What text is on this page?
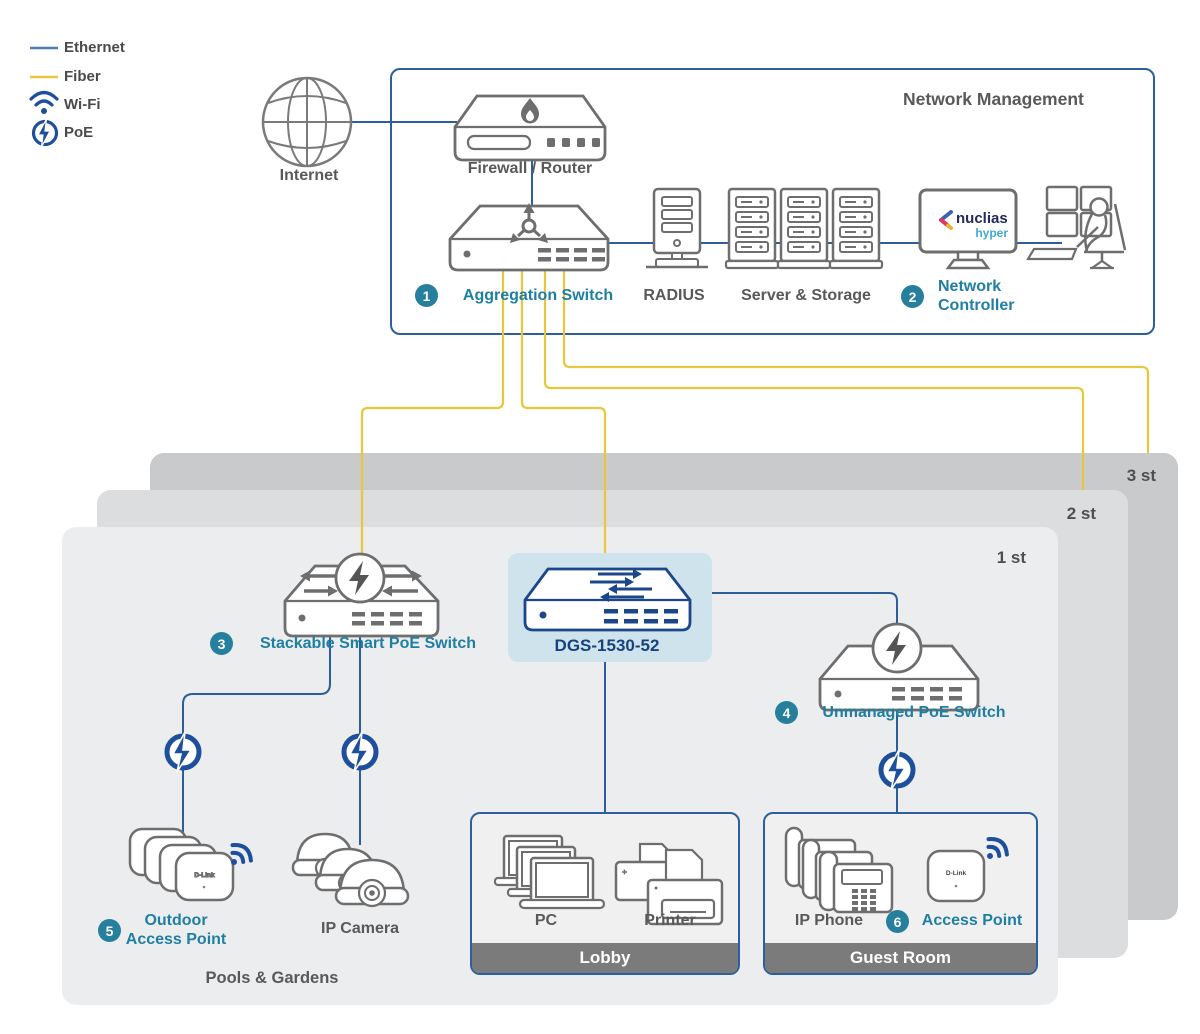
3 st
2 st
1 st
Network Management
Lobby	Guest Room
nuclias
hyper
D-Link	D-Link
Ethernet
Fiber
Wi-Fi
PoE
1	2
3
4
5
6
Internet	Firewall / Router
Aggregation Switch RADIUS Server & Storage
Network
Controller
Stackable Smart PoE Switch	DGS-1530-52
Unmanaged PoE Switch
Outdoor
Access Point
IP Camera	PC	Printer	IP Phone	Access Point
Pools & Gardens
